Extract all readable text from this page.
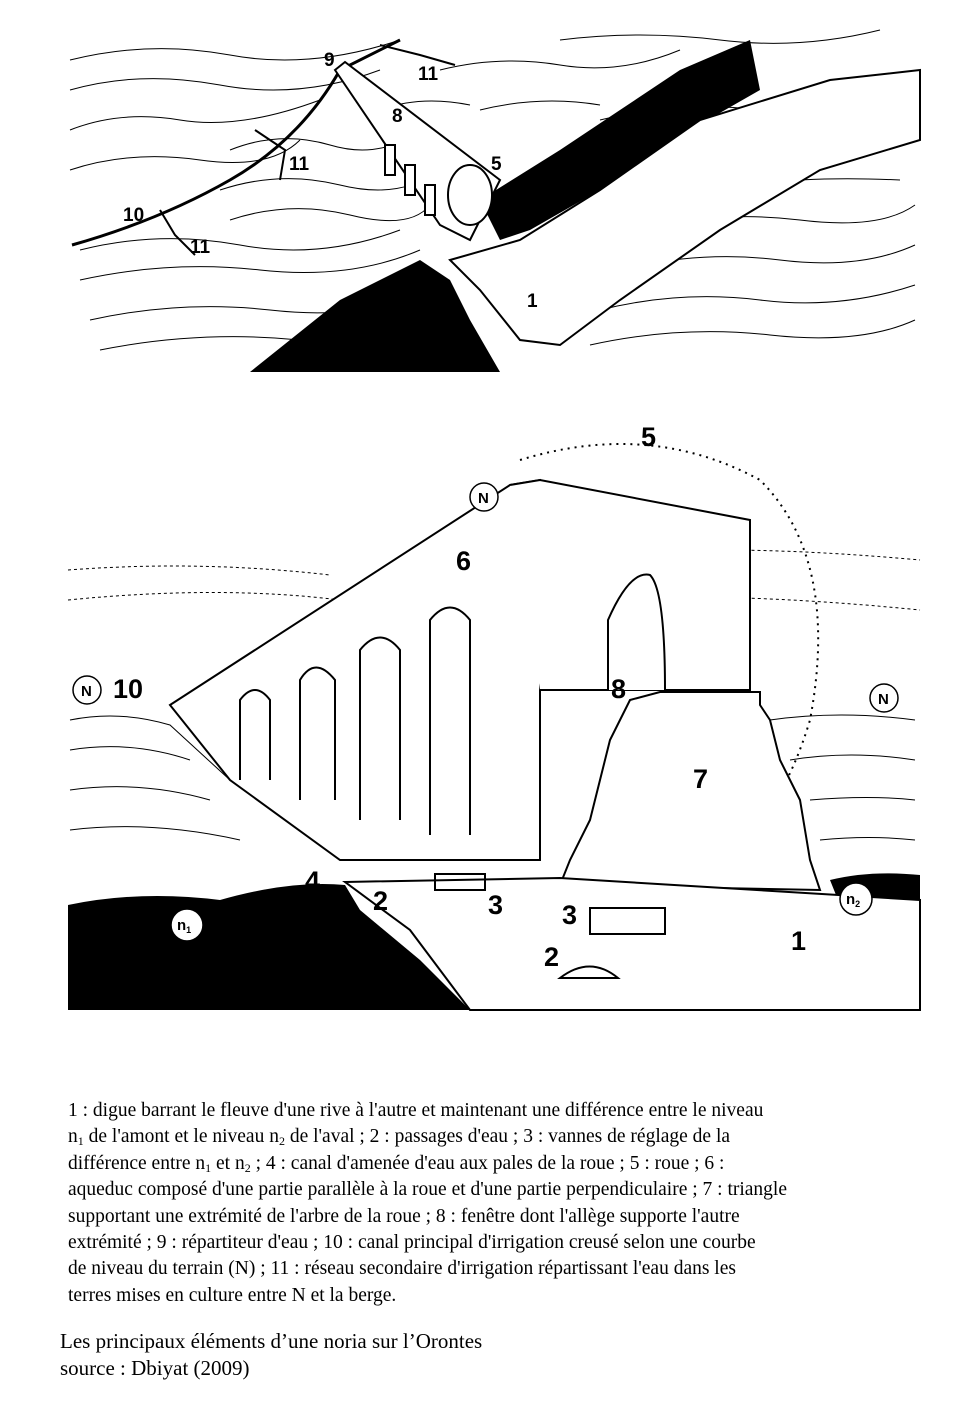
9
11
8
11	5
10
11
1
5
N
6
N 10	8	N
7
4
2	3 3
$n_1$
$n_2$
1
2

1 : digue barrant le fleuve d'une rive à l'autre et maintenant une différence entre le niveau

$n_1$ de l'amont et le niveau $n_2$ de l'aval ; 2 : passages d'eau ; 3 : vannes de réglage de la

différence entre $n_1$ et $n_2$ ; 4 : canal d'amenée d'eau aux pales de la roue ; 5 : roue ; 6 :

aqueduc composé d'une partie parallèle à la roue et d'une partie perpendiculaire ; 7 : triangle

supportant une extrémité de l'arbre de la roue ; 8 : fenêtre dont l'allège supporte l'autre

extrémité ; 9 : répartiteur d'eau ; 10 : canal principal d'irrigation creusé selon une courbe

de niveau du terrain (N) ; 11 : réseau secondaire d'irrigation répartissant l'eau dans les

terres mises en culture entre N et la berge.

Les principaux éléments d’une noria sur l’Orontes
source : Dbiyat (2009)
